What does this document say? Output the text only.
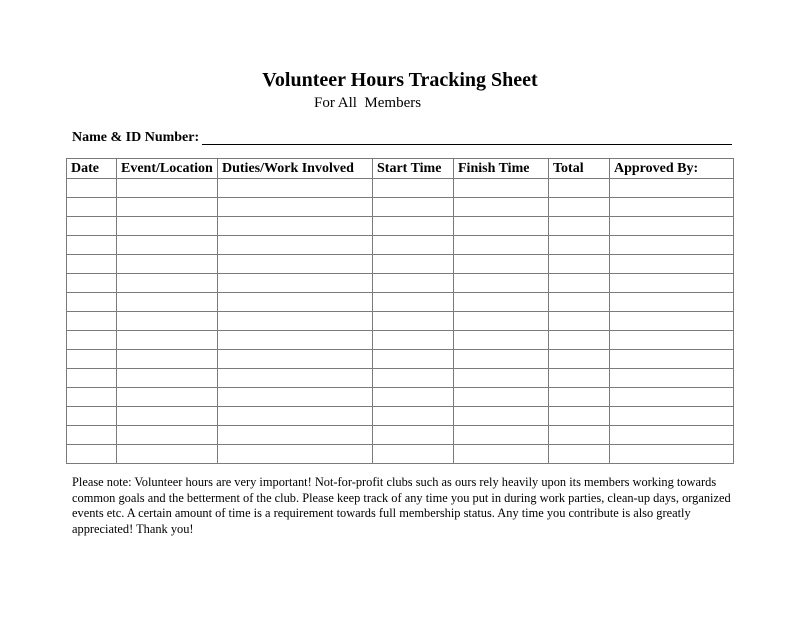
Volunteer Hours Tracking Sheet
For All  Members
Name & ID Number:
Date	Event/Location	Duties/Work Involved	Start Time	Finish Time	Total	Approved By:

Please note: Volunteer hours are very important! Not-for-profit clubs such as ours rely heavily upon its members working towards common goals and the betterment of the club. Please keep track of any time you put in during work parties, clean-up days, organized events etc. A certain amount of time is a requirement towards full membership status. Any time you contribute is also greatly appreciated! Thank you!
